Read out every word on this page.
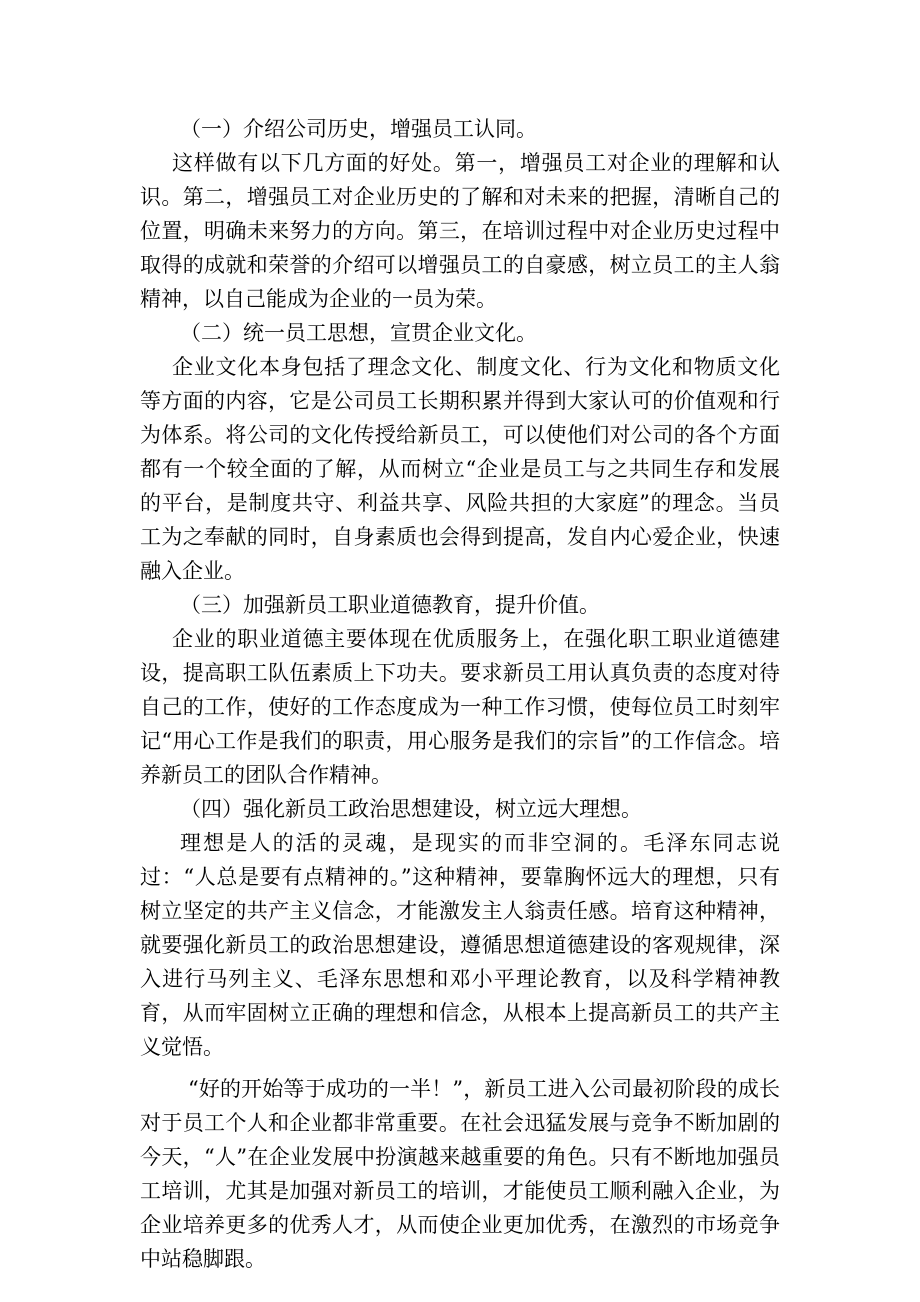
（一）介绍公司历史，增强员工认同。

这样做有以下几方面的好处。第一，增强员工对企业的理解和认识。第二，增强员工对企业历史的了解和对未来的把握，清晰自己的位置，明确未来努力的方向。第三，在培训过程中对企业历史过程中取得的成就和荣誉的介绍可以增强员工的自豪感，树立员工的主人翁精神，以自己能成为企业的一员为荣。

（二）统一员工思想，宣贯企业文化。

企业文化本身包括了理念文化、制度文化、行为文化和物质文化等方面的内容，它是公司员工长期积累并得到大家认可的价值观和行为体系。将公司的文化传授给新员工，可以使他们对公司的各个方面都有一个较全面的了解，从而树立“企业是员工与之共同生存和发展的平台，是制度共守、利益共享、风险共担的大家庭”的理念。当员工为之奉献的同时，自身素质也会得到提高，发自内心爱企业，快速融入企业。

（三）加强新员工职业道德教育，提升价值。

企业的职业道德主要体现在优质服务上，在强化职工职业道德建设，提高职工队伍素质上下功夫。要求新员工用认真负责的态度对待自己的工作，使好的工作态度成为一种工作习惯，使每位员工时刻牢记“用心工作是我们的职责，用心服务是我们的宗旨”的工作信念。培养新员工的团队合作精神。

（四）强化新员工政治思想建设，树立远大理想。

理想是人的活的灵魂，是现实的而非空洞的。毛泽东同志说过：“人总是要有点精神的。”这种精神，要靠胸怀远大的理想，只有树立坚定的共产主义信念，才能激发主人翁责任感。培育这种精神，就要强化新员工的政治思想建设，遵循思想道德建设的客观规律，深入进行马列主义、毛泽东思想和邓小平理论教育，以及科学精神教育，从而牢固树立正确的理想和信念，从根本上提高新员工的共产主义觉悟。

“好的开始等于成功的一半！”，新员工进入公司最初阶段的成长对于员工个人和企业都非常重要。在社会迅猛发展与竞争不断加剧的今天，“人”在企业发展中扮演越来越重要的角色。只有不断地加强员工培训，尤其是加强对新员工的培训，才能使员工顺利融入企业，为企业培养更多的优秀人才，从而使企业更加优秀，在激烈的市场竞争中站稳脚跟。
